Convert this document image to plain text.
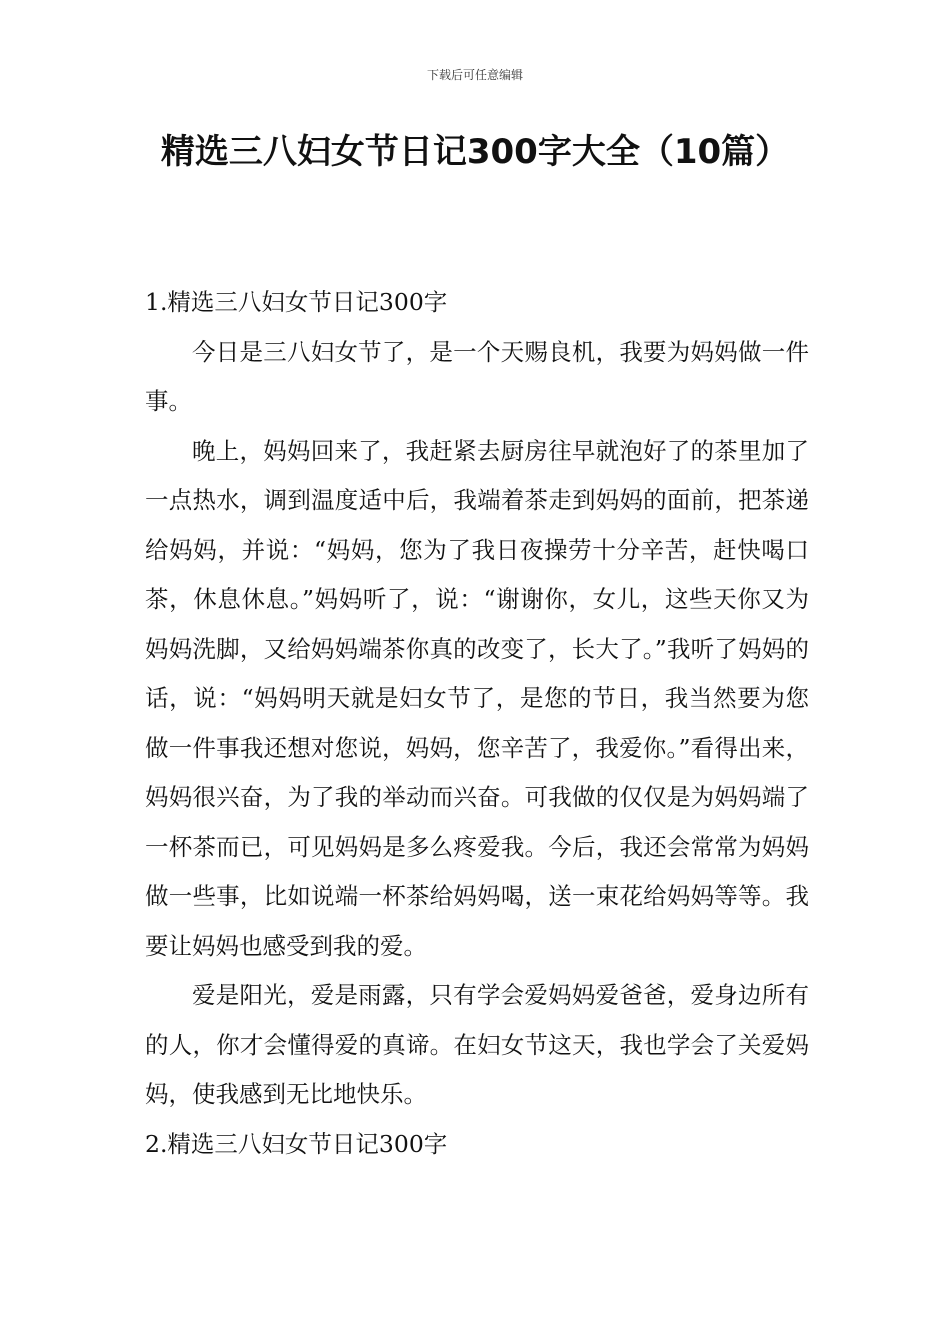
下载后可任意编辑
精选三八妇女节日记300字大全（10篇）

1.精选三八妇女节日记300字

今日是三八妇女节了，是一个天赐良机，我要为妈妈做一件事。

晚上，妈妈回来了，我赶紧去厨房往早就泡好了的茶里加了一点热水，调到温度适中后，我端着茶走到妈妈的面前，把茶递给妈妈，并说：“妈妈，您为了我日夜操劳十分辛苦，赶快喝口茶，休息休息。”妈妈听了，说：“谢谢你，女儿，这些天你又为妈妈洗脚，又给妈妈端茶你真的改变了，长大了。”我听了妈妈的话，说：“妈妈明天就是妇女节了，是您的节日，我当然要为您做一件事我还想对您说，妈妈，您辛苦了，我爱你。”看得出来，妈妈很兴奋，为了我的举动而兴奋。可我做的仅仅是为妈妈端了一杯茶而已，可见妈妈是多么疼爱我。今后，我还会常常为妈妈做一些事，比如说端一杯茶给妈妈喝，送一束花给妈妈等等。我要让妈妈也感受到我的爱。

爱是阳光，爱是雨露，只有学会爱妈妈爱爸爸，爱身边所有的人，你才会懂得爱的真谛。在妇女节这天，我也学会了关爱妈妈，使我感到无比地快乐。

2.精选三八妇女节日记300字
